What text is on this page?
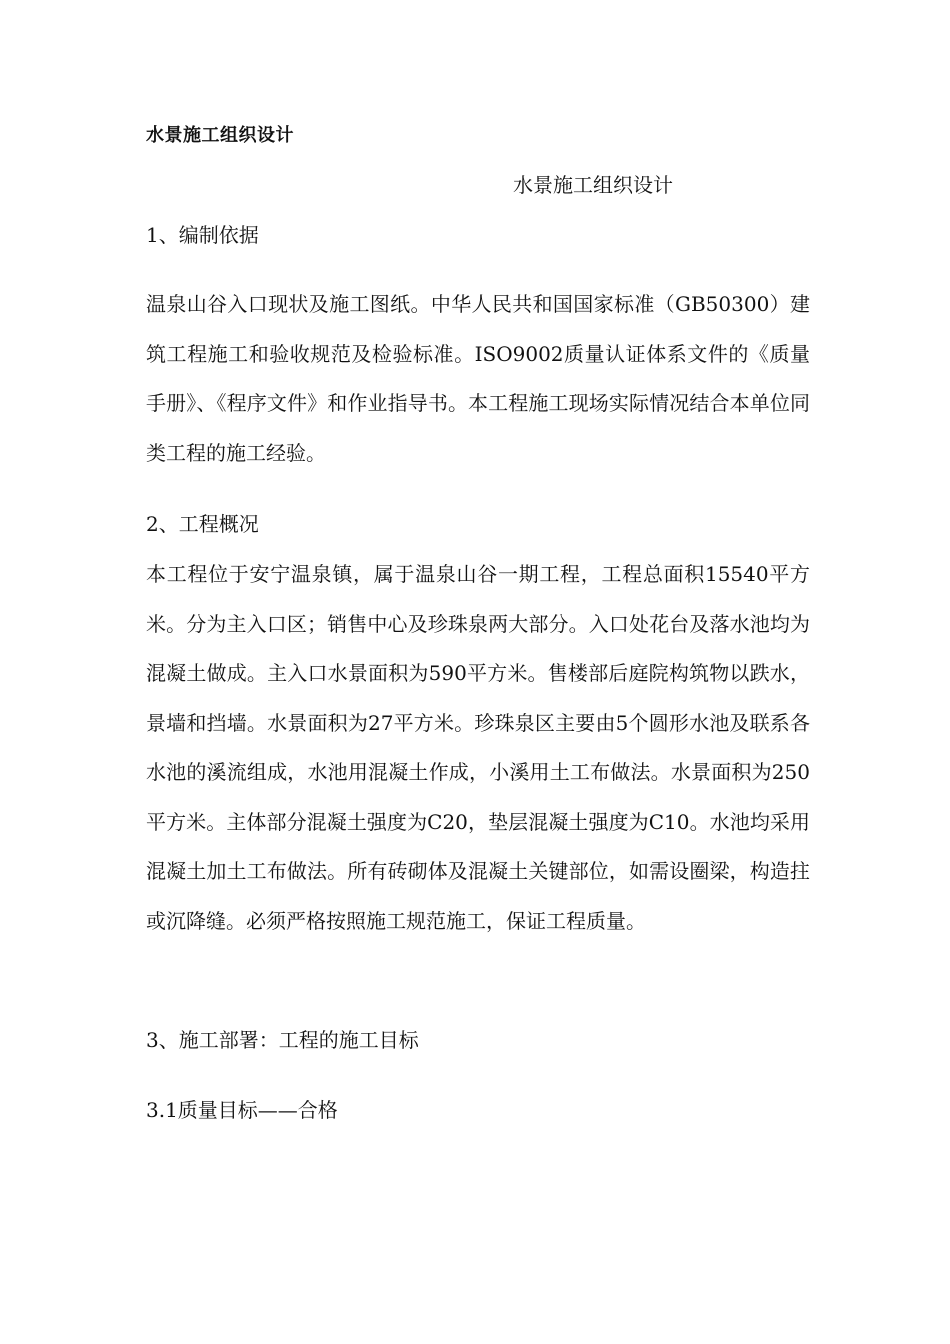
水景施工组织设计
水景施工组织设计
1、编制依据

温泉山谷入口现状及施工图纸。中华人民共和国国家标准（GB50300）建筑工程施工和验收规范及检验标准。ISO9002质量认证体系文件的《质量手册》、《程序文件》和作业指导书。本工程施工现场实际情况结合本单位同类工程的施工经验。

2、工程概况

本工程位于安宁温泉镇，属于温泉山谷一期工程，工程总面积15540平方米。分为主入口区；销售中心及珍珠泉两大部分。入口处花台及落水池均为混凝土做成。主入口水景面积为590平方米。售楼部后庭院构筑物以跌水，景墙和挡墙。水景面积为27平方米。珍珠泉区主要由5个圆形水池及联系各水池的溪流组成，水池用混凝土作成，小溪用土工布做法。水景面积为250平方米。主体部分混凝土强度为C20，垫层混凝土强度为C10。水池均采用混凝土加土工布做法。所有砖砌体及混凝土关键部位，如需设圈梁，构造拄或沉降缝。必须严格按照施工规范施工，保证工程质量。

3、施工部署：工程的施工目标
3.1质量目标——合格
